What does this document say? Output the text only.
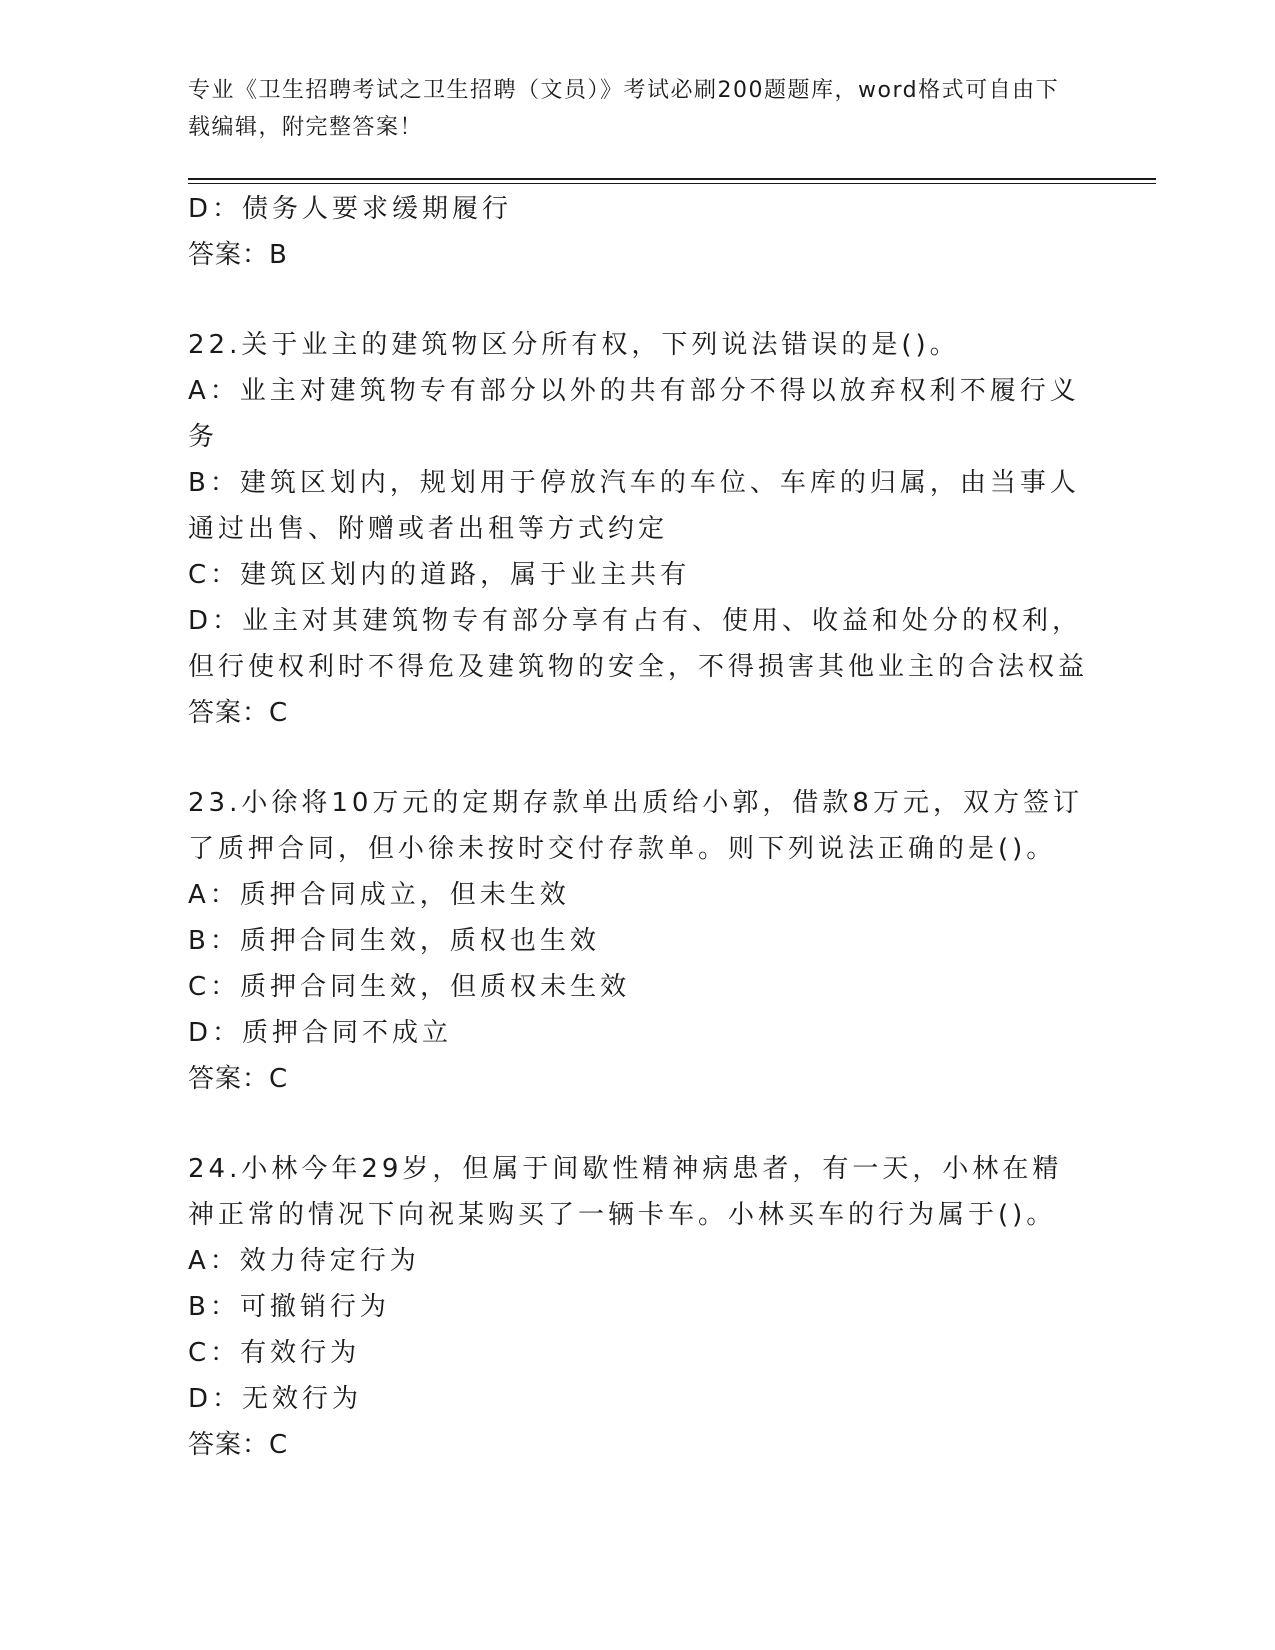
专业《卫生招聘考试之卫生招聘（文员）》考试必刷200题题库，word格式可自由下载编辑，附完整答案！

D：债务人要求缓期履行

答案：B

22.关于业主的建筑物区分所有权，下列说法错误的是()。

A：业主对建筑物专有部分以外的共有部分不得以放弃权利不履行义务

B：建筑区划内，规划用于停放汽车的车位、车库的归属，由当事人通过出售、附赠或者出租等方式约定

C：建筑区划内的道路，属于业主共有

D：业主对其建筑物专有部分享有占有、使用、收益和处分的权利，但行使权利时不得危及建筑物的安全，不得损害其他业主的合法权益

答案：C

23.小徐将10万元的定期存款单出质给小郭，借款8万元，双方签订了质押合同，但小徐未按时交付存款单。则下列说法正确的是()。

A：质押合同成立，但未生效

B：质押合同生效，质权也生效

C：质押合同生效，但质权未生效

D：质押合同不成立

答案：C

24.小林今年29岁，但属于间歇性精神病患者，有一天，小林在精神正常的情况下向祝某购买了一辆卡车。小林买车的行为属于()。

A：效力待定行为

B：可撤销行为

C：有效行为

D：无效行为

答案：C
